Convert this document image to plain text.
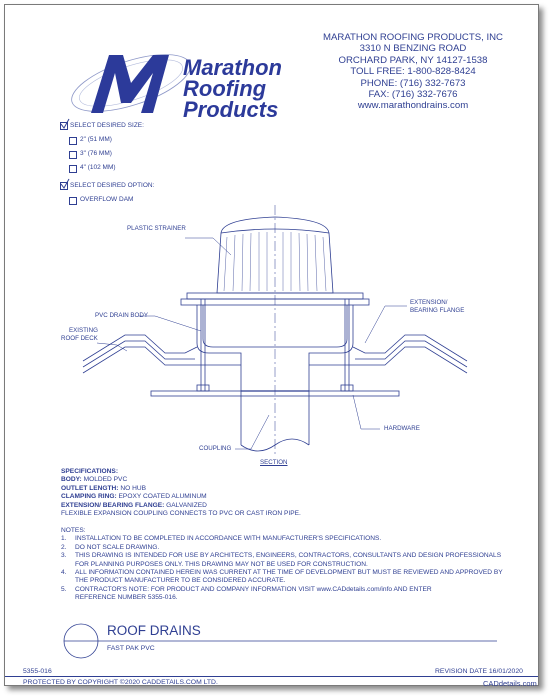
Marathon
Roofing
Products
MARATHON ROOFING PRODUCTS, INC
3310 N BENZING ROAD
ORCHARD PARK, NY 14127-1538
TOLL FREE: 1-800-828-8424
PHONE: (716) 332-7673
FAX: (716) 332-7676
www.marathondrains.com
SELECT DESIRED SIZE:
2" (51 MM)
3" (76 MM)
4" (102 MM)
SELECT DESIRED OPTION:
OVERFLOW DAM
PLASTIC STRAINER
PVC DRAIN BODY
EXISTING
ROOF DECK
EXTENSION/
BEARING FLANGE
HARDWARE
COUPLING
SECTION
SPECIFICATIONS:
BODY: MOLDED PVC
OUTLET LENGTH: NO HUB
CLAMPING RING: EPOXY COATED ALUMINUM
EXTENSION/ BEARING FLANGE: GALVANIZED
FLEXIBLE EXPANSION COUPLING CONNECTS TO PVC OR CAST IRON PIPE.
NOTES:
1.	INSTALLATION TO BE COMPLETED IN ACCORDANCE WITH MANUFACTURER'S SPECIFICATIONS.
2.	DO NOT SCALE DRAWING.
3.	THIS DRAWING IS INTENDED FOR USE BY ARCHITECTS, ENGINEERS, CONTRACTORS, CONSULTANTS AND DESIGN PROFESSIONALS
FOR PLANNING PURPOSES ONLY. THIS DRAWING MAY NOT BE USED FOR CONSTRUCTION.
4.	ALL INFORMATION CONTAINED HEREIN WAS CURRENT AT THE TIME OF DEVELOPMENT BUT MUST BE REVIEWED AND APPROVED BY
THE PRODUCT MANUFACTURER TO BE CONSIDERED ACCURATE.
5.	CONTRACTOR'S NOTE: FOR PRODUCT AND COMPANY INFORMATION VISIT www.CADdetails.com/info AND ENTER
REFERENCE NUMBER 5355-016.
ROOF DRAINS
FAST PAK PVC
5355-016	REVISION DATE 16/01/2020
PROTECTED BY COPYRIGHT ©2020 CADDETAILS.COM LTD.	CADdetails.com
